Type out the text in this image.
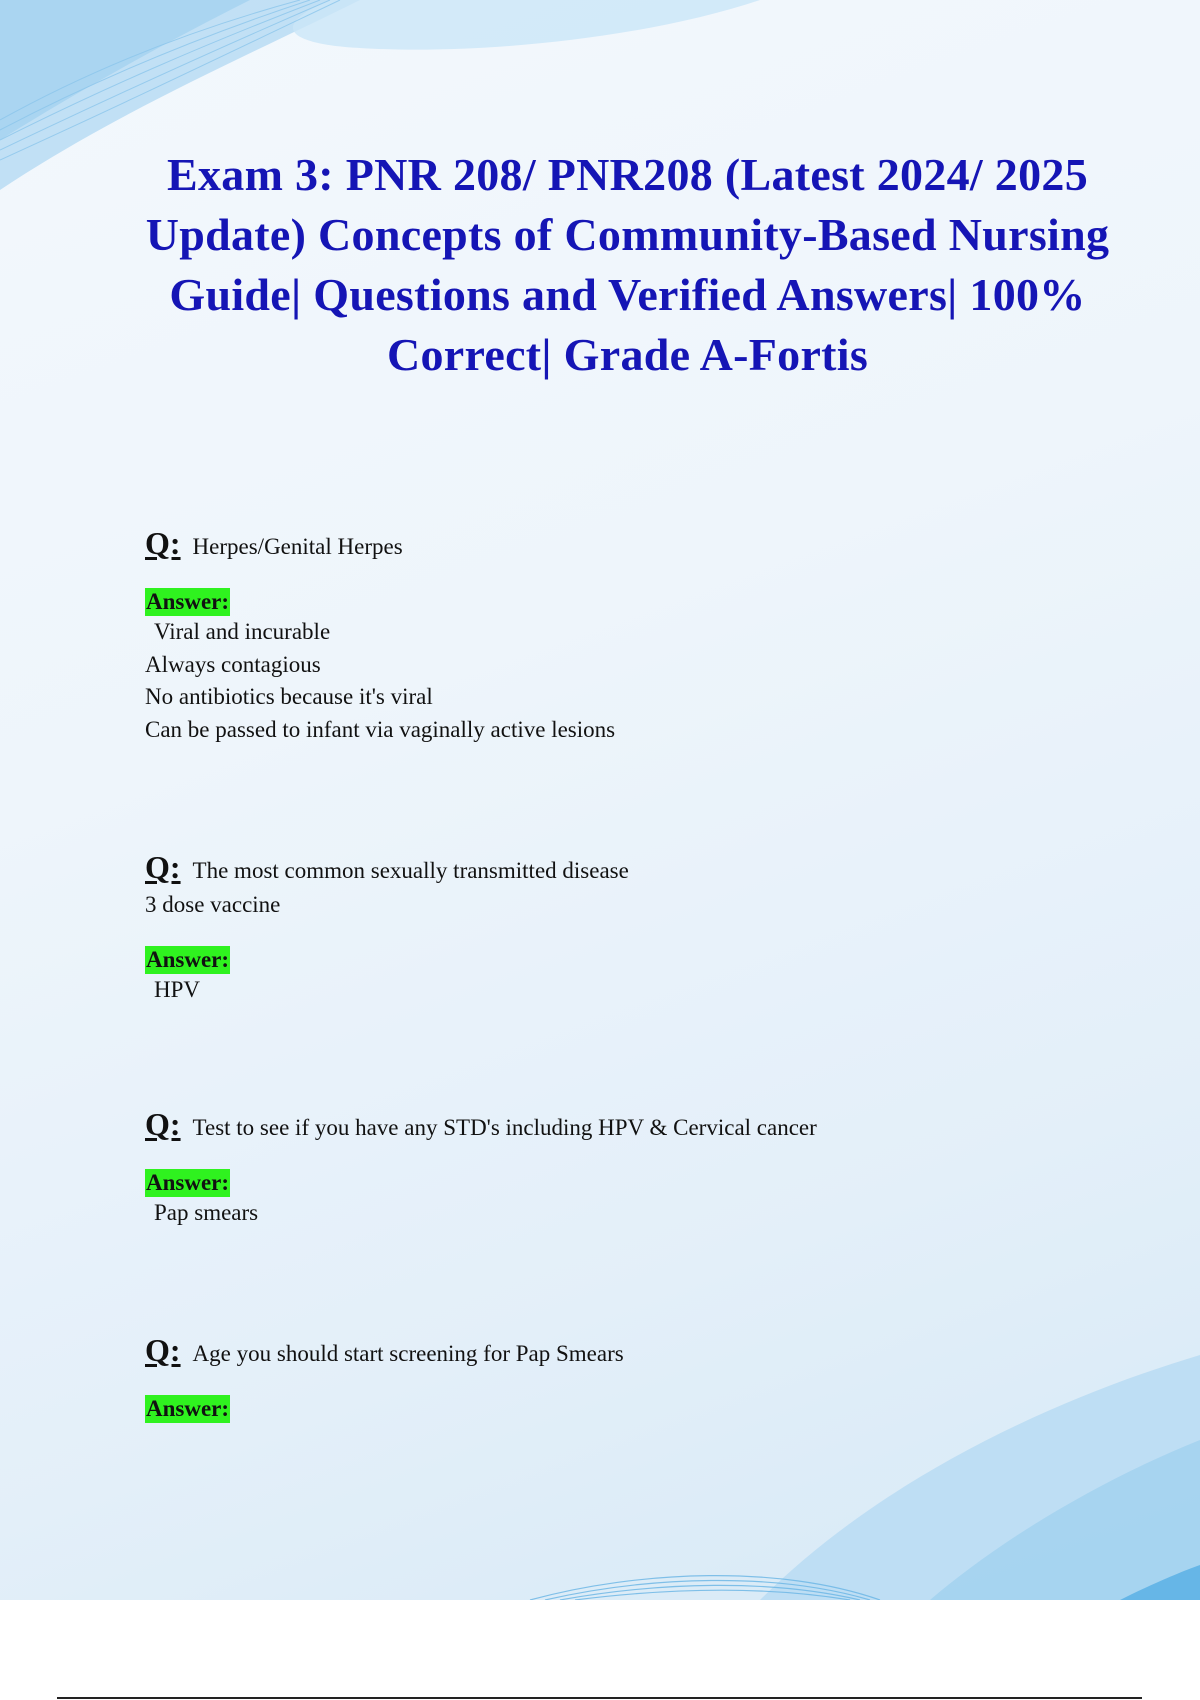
Exam 3: PNR 208/ PNR208 (Latest 2024/ 2025 Update) Concepts of Community-Based Nursing Guide| Questions and Verified Answers| 100% Correct| Grade A-Fortis
Q: Herpes/Genital Herpes
Answer:
Viral and incurable
Always contagious
No antibiotics because it's viral
Can be passed to infant via vaginally active lesions
Q: The most common sexually transmitted disease
3 dose vaccine
Answer:
HPV
Q: Test to see if you have any STD's including HPV & Cervical cancer
Answer:
Pap smears
Q: Age you should start screening for Pap Smears
Answer:
